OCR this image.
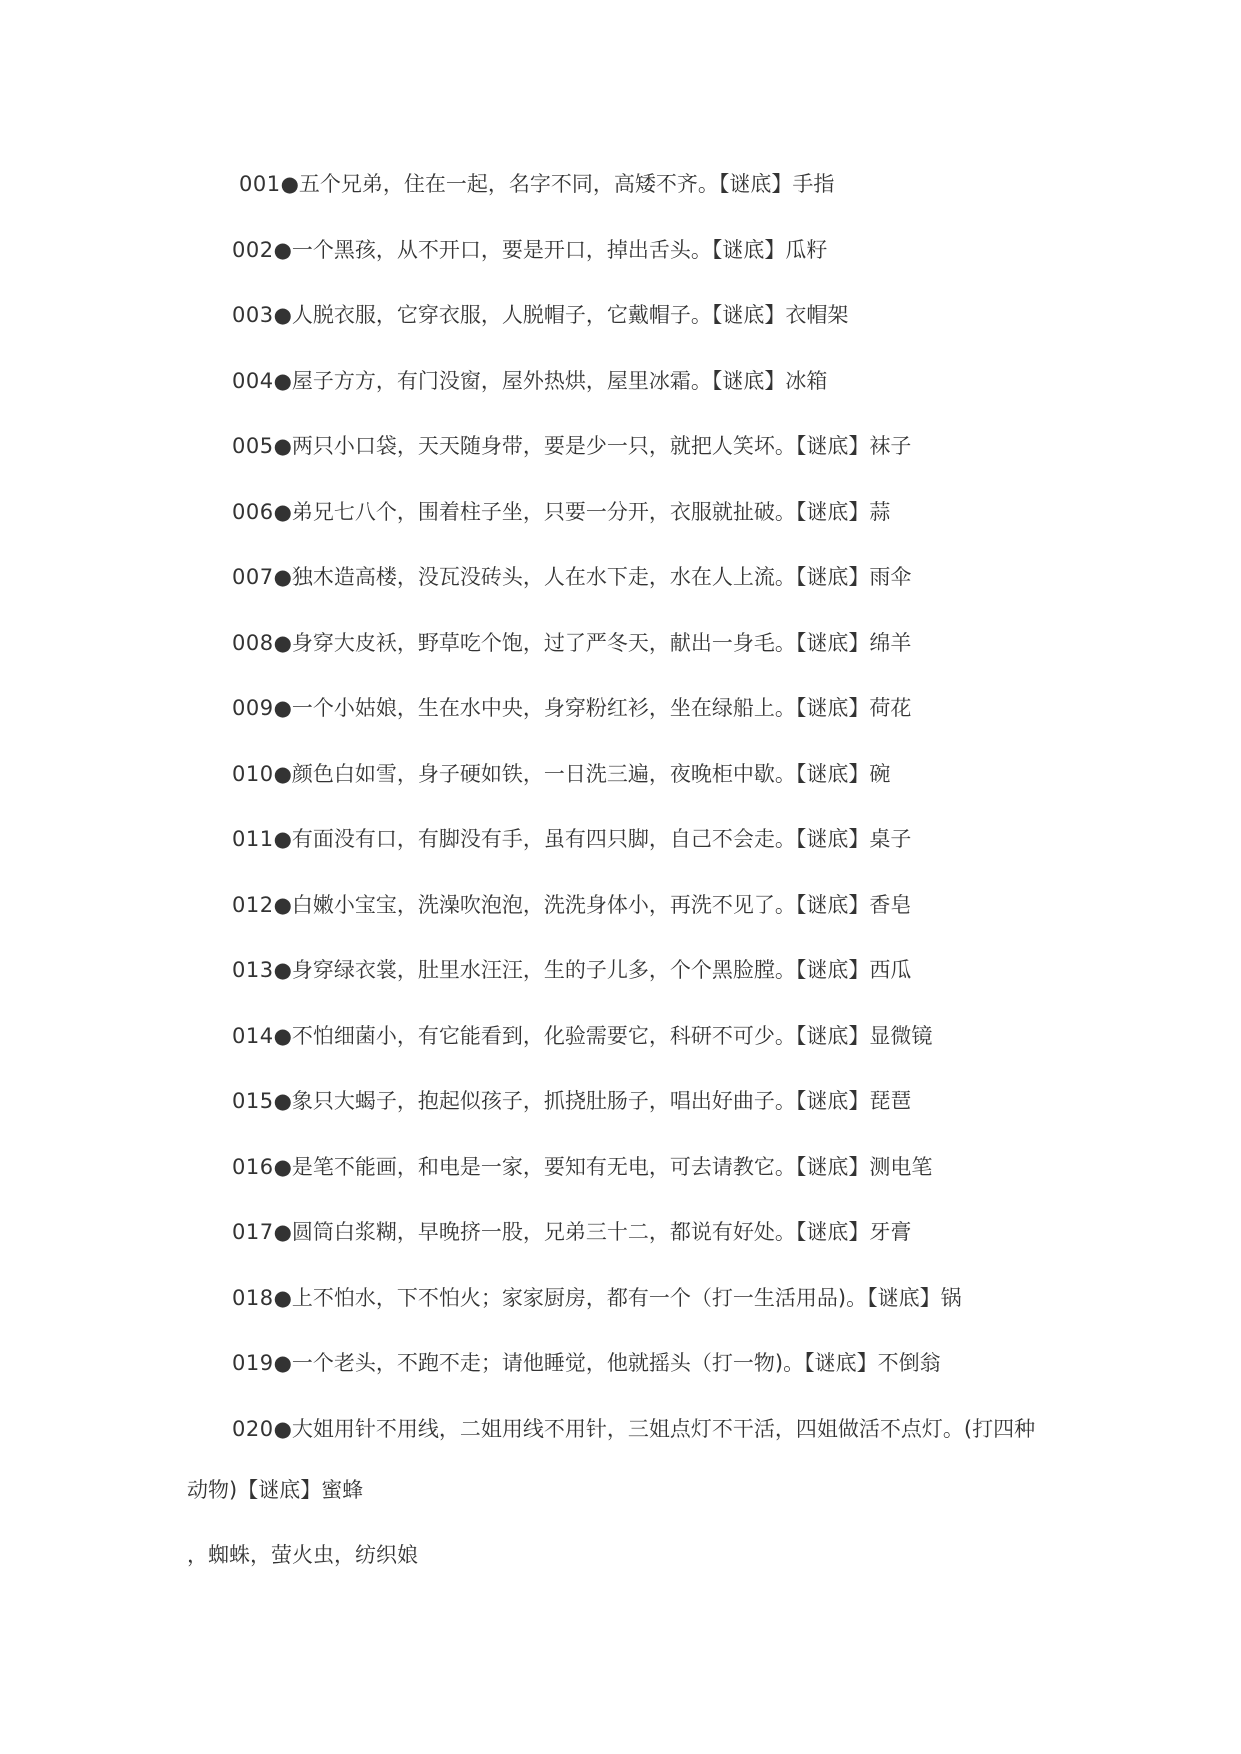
001●五个兄弟，住在一起，名字不同，高矮不齐。【谜底】手指
002●一个黑孩，从不开口，要是开口，掉出舌头。【谜底】瓜籽
003●人脱衣服，它穿衣服，人脱帽子，它戴帽子。【谜底】衣帽架
004●屋子方方，有门没窗，屋外热烘，屋里冰霜。【谜底】冰箱
005●两只小口袋，天天随身带，要是少一只，就把人笑坏。【谜底】袜子
006●弟兄七八个，围着柱子坐，只要一分开，衣服就扯破。【谜底】蒜
007●独木造高楼，没瓦没砖头，人在水下走，水在人上流。【谜底】雨伞
008●身穿大皮袄，野草吃个饱，过了严冬天，献出一身毛。【谜底】绵羊
009●一个小姑娘，生在水中央，身穿粉红衫，坐在绿船上。【谜底】荷花
010●颜色白如雪，身子硬如铁，一日洗三遍，夜晚柜中歇。【谜底】碗
011●有面没有口，有脚没有手，虽有四只脚，自己不会走。【谜底】桌子
012●白嫩小宝宝，洗澡吹泡泡，洗洗身体小，再洗不见了。【谜底】香皂
013●身穿绿衣裳，肚里水汪汪，生的子儿多，个个黑脸膛。【谜底】西瓜
014●不怕细菌小，有它能看到，化验需要它，科研不可少。【谜底】显微镜
015●象只大蝎子，抱起似孩子，抓挠肚肠子，唱出好曲子。【谜底】琵琶
016●是笔不能画，和电是一家，要知有无电，可去请教它。【谜底】测电笔
017●圆筒白浆糊，早晚挤一股，兄弟三十二，都说有好处。【谜底】牙膏
018●上不怕水，下不怕火；家家厨房，都有一个（打一生活用品)。【谜底】锅
019●一个老头，不跑不走；请他睡觉，他就摇头（打一物)。【谜底】不倒翁
020●大姐用针不用线，二姐用线不用针，三姐点灯不干活，四姐做活不点灯。(打四种
动物)【谜底】蜜蜂
，蜘蛛，萤火虫，纺织娘
